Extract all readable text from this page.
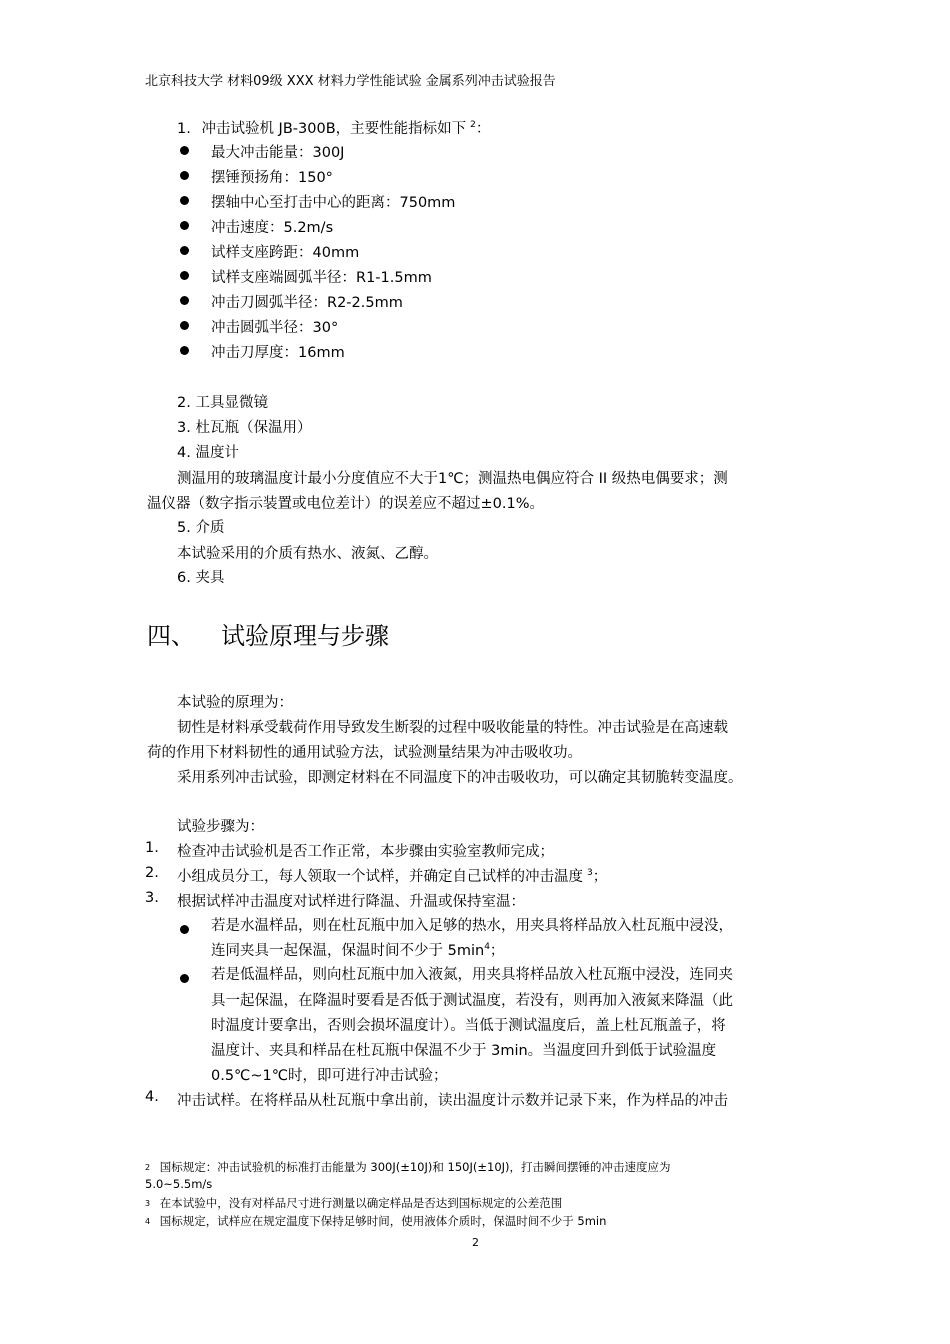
北京科技大学 材料09级 XXX 材料力学性能试验 金属系列冲击试验报告
1. 冲击试验机 JB-300B，主要性能指标如下 $^2$：
最大冲击能量：300J
摆锤预扬角：150°
摆轴中心至打击中心的距离：750mm
冲击速度：5.2m/s
试样支座跨距：40mm
试样支座端圆弧半径：R1-1.5mm
冲击刀圆弧半径：R2-2.5mm
冲击圆弧半径：30°
冲击刀厚度：16mm
2. 工具显微镜
3. 杜瓦瓶（保温用）
4. 温度计
测温用的玻璃温度计最小分度值应不大于1℃；测温热电偶应符合 II 级热电偶要求；测
温仪器（数字指示装置或电位差计）的误差应不超过±0.1%。
5. 介质
本试验采用的介质有热水、液氮、乙醇。
6. 夹具
四、 试验原理与步骤
本试验的原理为：
韧性是材料承受载荷作用导致发生断裂的过程中吸收能量的特性。冲击试验是在高速载
荷的作用下材料韧性的通用试验方法，试验测量结果为冲击吸收功。
采用系列冲击试验，即测定材料在不同温度下的冲击吸收功，可以确定其韧脆转变温度。
试验步骤为：
1. 检查冲击试验机是否工作正常，本步骤由实验室教师完成；
2. 小组成员分工，每人领取一个试样，并确定自己试样的冲击温度 $^3$；
3. 根据试样冲击温度对试样进行降温、升温或保持室温：
若是水温样品，则在杜瓦瓶中加入足够的热水，用夹具将样品放入杜瓦瓶中浸没，
连同夹具一起保温，保温时间不少于 $5\min^4$；
若是低温样品，则向杜瓦瓶中加入液氮，用夹具将样品放入杜瓦瓶中浸没，连同夹
具一起保温，在降温时要看是否低于测试温度，若没有，则再加入液氮来降温（此
时温度计要拿出，否则会损坏温度计）。当低于测试温度后，盖上杜瓦瓶盖子，将
温度计、夹具和样品在杜瓦瓶中保温不少于 3min。当温度回升到低于试验温度
0.5℃~1℃时，即可进行冲击试验；
4. 冲击试样。在将样品从杜瓦瓶中拿出前，读出温度计示数并记录下来，作为样品的冲击
2 国标规定：冲击试验机的标准打击能量为 300J(±10J)和 150J(±10J)，打击瞬间摆锤的冲击速度应为
5.0~5.5m/s
3 在本试验中，没有对样品尺寸进行测量以确定样品是否达到国标规定的公差范围
4 国标规定，试样应在规定温度下保持足够时间，使用液体介质时，保温时间不少于 5min
2
